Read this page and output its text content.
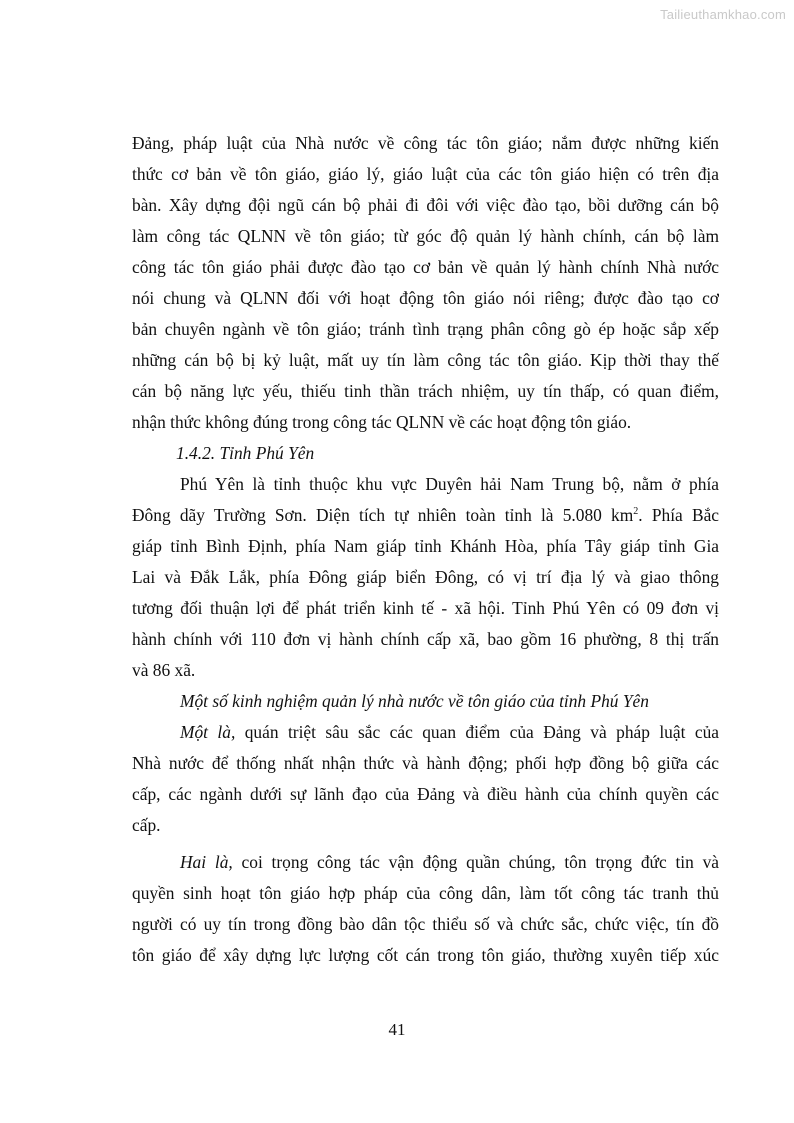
Tailieuthamkhao.com

Đảng, pháp luật của Nhà nước về công tác tôn giáo; nắm được những kiến

thức cơ bản về tôn giáo, giáo lý, giáo luật của các tôn giáo hiện có trên địa

bàn. Xây dựng đội ngũ cán bộ phải đi đôi với việc đào tạo, bồi dưỡng cán bộ

làm công tác QLNN về tôn giáo; từ góc độ quản lý hành chính, cán bộ làm

công tác tôn giáo phải được đào tạo cơ bản về quản lý hành chính Nhà nước

nói chung và QLNN đối với hoạt động tôn giáo nói riêng; được đào tạo cơ

bản chuyên ngành về tôn giáo; tránh tình trạng phân công gò ép hoặc sắp xếp

những cán bộ bị kỷ luật, mất uy tín làm công tác tôn giáo. Kịp thời thay thế

cán bộ năng lực yếu, thiếu tinh thần trách nhiệm, uy tín thấp, có quan điểm,

nhận thức không đúng trong công tác QLNN về các hoạt động tôn giáo.

1.4.2. Tỉnh Phú Yên

Phú Yên là tỉnh thuộc khu vực Duyên hải Nam Trung bộ, nằm ở phía

Đông dãy Trường Sơn. Diện tích tự nhiên toàn tỉnh là 5.080 $km^2$. Phía Bắc

giáp tỉnh Bình Định, phía Nam giáp tỉnh Khánh Hòa, phía Tây giáp tỉnh Gia

Lai và Đắk Lắk, phía Đông giáp biển Đông, có vị trí địa lý và giao thông

tương đối thuận lợi để phát triển kinh tế - xã hội. Tỉnh Phú Yên có 09 đơn vị

hành chính với 110 đơn vị hành chính cấp xã, bao gồm 16 phường, 8 thị trấn

và 86 xã.

Một số kinh nghiệm quản lý nhà nước về tôn giáo của tỉnh Phú Yên

Một là, quán triệt sâu sắc các quan điểm của Đảng và pháp luật của

Nhà nước để thống nhất nhận thức và hành động; phối hợp đồng bộ giữa các

cấp, các ngành dưới sự lãnh đạo của Đảng và điều hành của chính quyền các

cấp.

Hai là, coi trọng công tác vận động quần chúng, tôn trọng đức tin và

quyền sinh hoạt tôn giáo hợp pháp của công dân, làm tốt công tác tranh thủ

người có uy tín trong đồng bào dân tộc thiểu số và chức sắc, chức việc, tín đồ

tôn giáo để xây dựng lực lượng cốt cán trong tôn giáo, thường xuyên tiếp xúc

41
